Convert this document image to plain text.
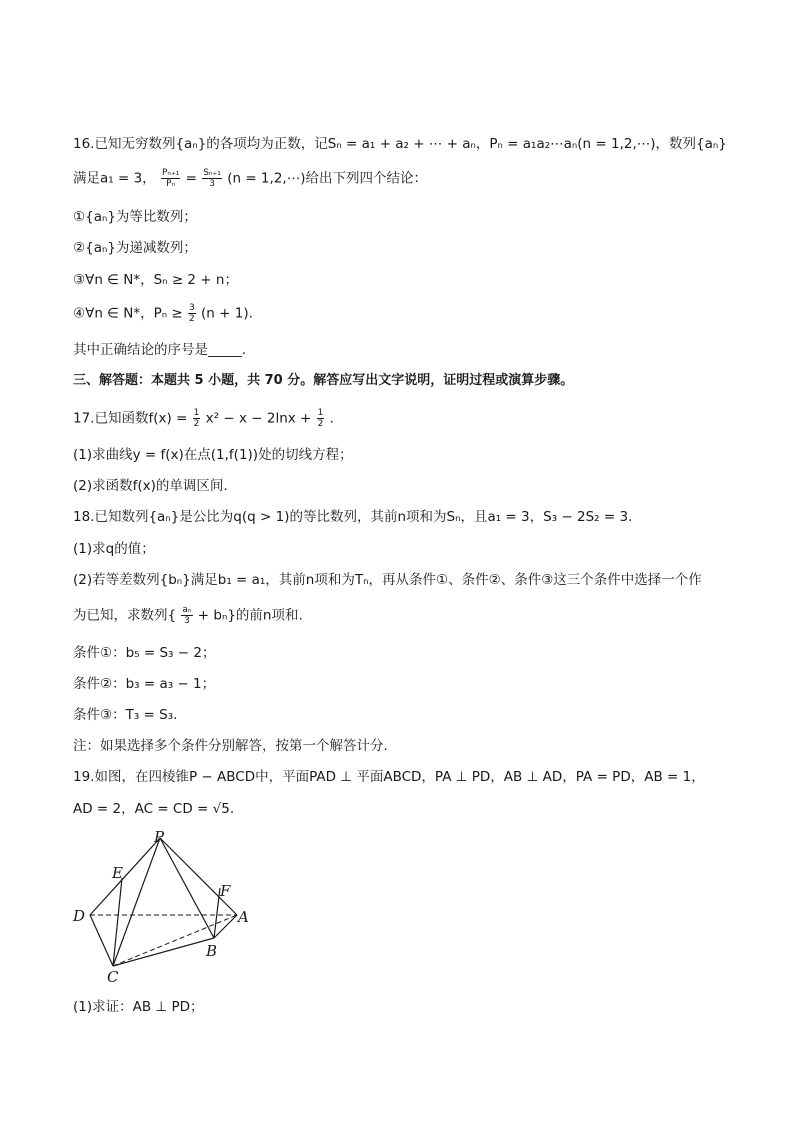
16.已知无穷数列{aₙ}的各项均为正数，记Sₙ = a₁ + a₂ + ⋯ + aₙ，Pₙ = a₁a₂⋯aₙ(n = 1,2,⋯)，数列{aₙ}
满足a₁ = 3， $\frac{\text{Pₙ₊₁}}{\text{Pₙ}} = \frac{\text{Sₙ₊₁}}{3} (n$ = 1,2,⋯)给出下列四个结论：
①{aₙ}为等比数列；
②{aₙ}为递减数列；
③∀n ∈ N*，Sₙ ≥ 2 + n；
④∀n ∈ N*，$P_n \ge \frac{3}{2} (n + 1)$.
其中正确结论的序号是_____.
三、解答题：本题共 5 小题，共 70 分。解答应写出文字说明，证明过程或演算步骤。
17.已知函数$f(x) = \frac{1}{2} x^2 - x - 2\ln x + \frac{1}{2}$ .
(1)求曲线y = f(x)在点(1,f(1))处的切线方程；
(2)求函数f(x)的单调区间.
18.已知数列{aₙ}是公比为q(q > 1)的等比数列，其前n项和为Sₙ，且a₁ = 3，S₃ − 2S₂ = 3.
(1)求q的值；
(2)若等差数列{bₙ}满足b₁ = a₁，其前n项和为Tₙ，再从条件①、条件②、条件③这三个条件中选择一个作
为已知，求数列{ $\frac{\text{aₙ}}{3} + b_n$}的前n项和.
条件①：b₅ = S₃ − 2；
条件②：b₃ = a₃ − 1；
条件③：T₃ = S₃.
注：如果选择多个条件分别解答，按第一个解答计分.
19.如图，在四棱锥P − ABCD中，平面PAD ⊥ 平面ABCD，PA ⊥ PD，AB ⊥ AD，PA = PD，AB = 1，
AD = 2，AC = CD = √5.
P
E
F
D	A
B
C
(1)求证：AB ⊥ PD；
